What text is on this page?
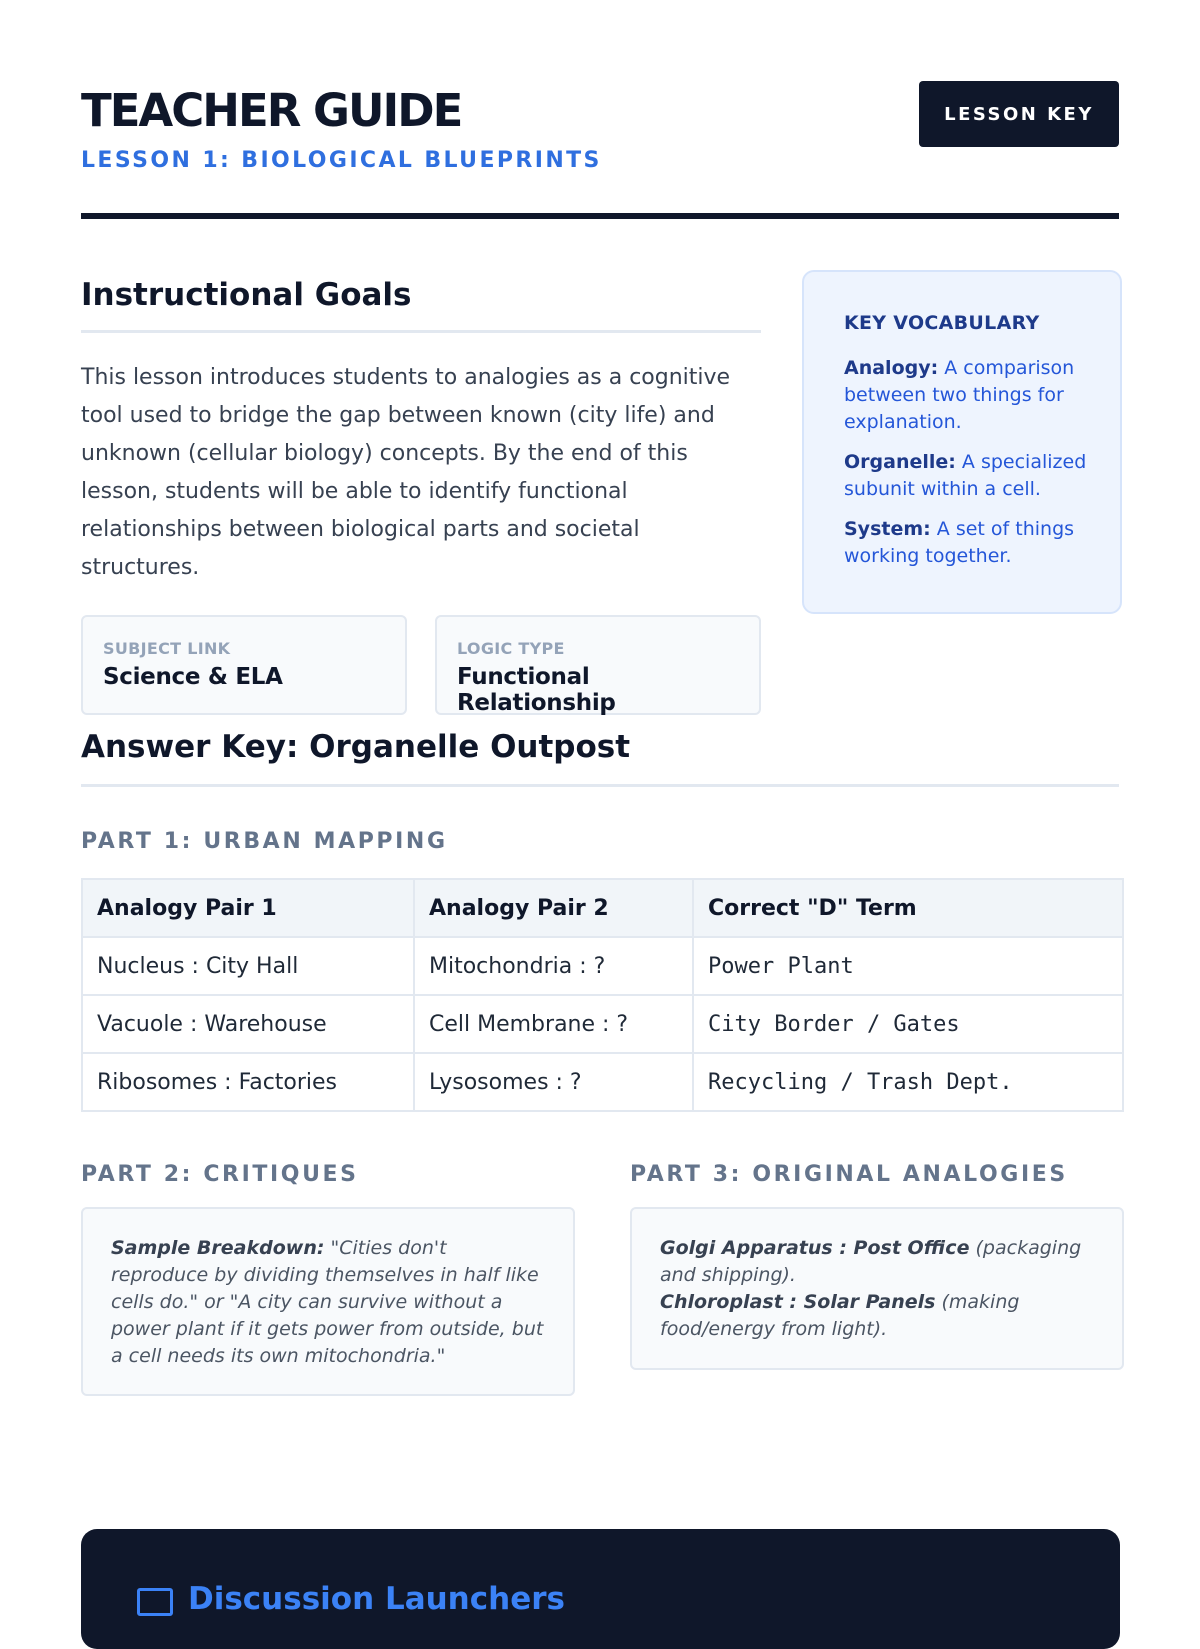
TEACHER GUIDE
LESSON 1: BIOLOGICAL BLUEPRINTS
LESSON KEY
Instructional Goals

This lesson introduces students to analogies as a cognitive tool used to bridge the gap between known (city life) and unknown (cellular biology) concepts. By the end of this lesson, students will be able to identify functional relationships between biological parts and societal structures.

SUBJECT LINK
Science & ELA
LOGIC TYPE
Functional Relationship
KEY VOCABULARY

Analogy: A comparison between two things for explanation.

Organelle: A specialized subunit within a cell.

System: A set of things working together.

Answer Key: Organelle Outpost
PART 1: URBAN MAPPING
Analogy Pair 1	Analogy Pair 2	Correct "D" Term
Nucleus : City Hall	Mitochondria : ?	Power Plant
Vacuole : Warehouse	Cell Membrane : ?	City Border / Gates
Ribosomes : Factories	Lysosomes : ?	Recycling / Trash Dept.
PART 2: CRITIQUES
Sample Breakdown: "Cities don't reproduce by dividing themselves in half like cells do." or "A city can survive without a power plant if it gets power from outside, but a cell needs its own mitochondria."
PART 3: ORIGINAL ANALOGIES
Golgi Apparatus : Post Office (packaging and shipping).
Chloroplast : Solar Panels (making food/energy from light).
Discussion Launchers
